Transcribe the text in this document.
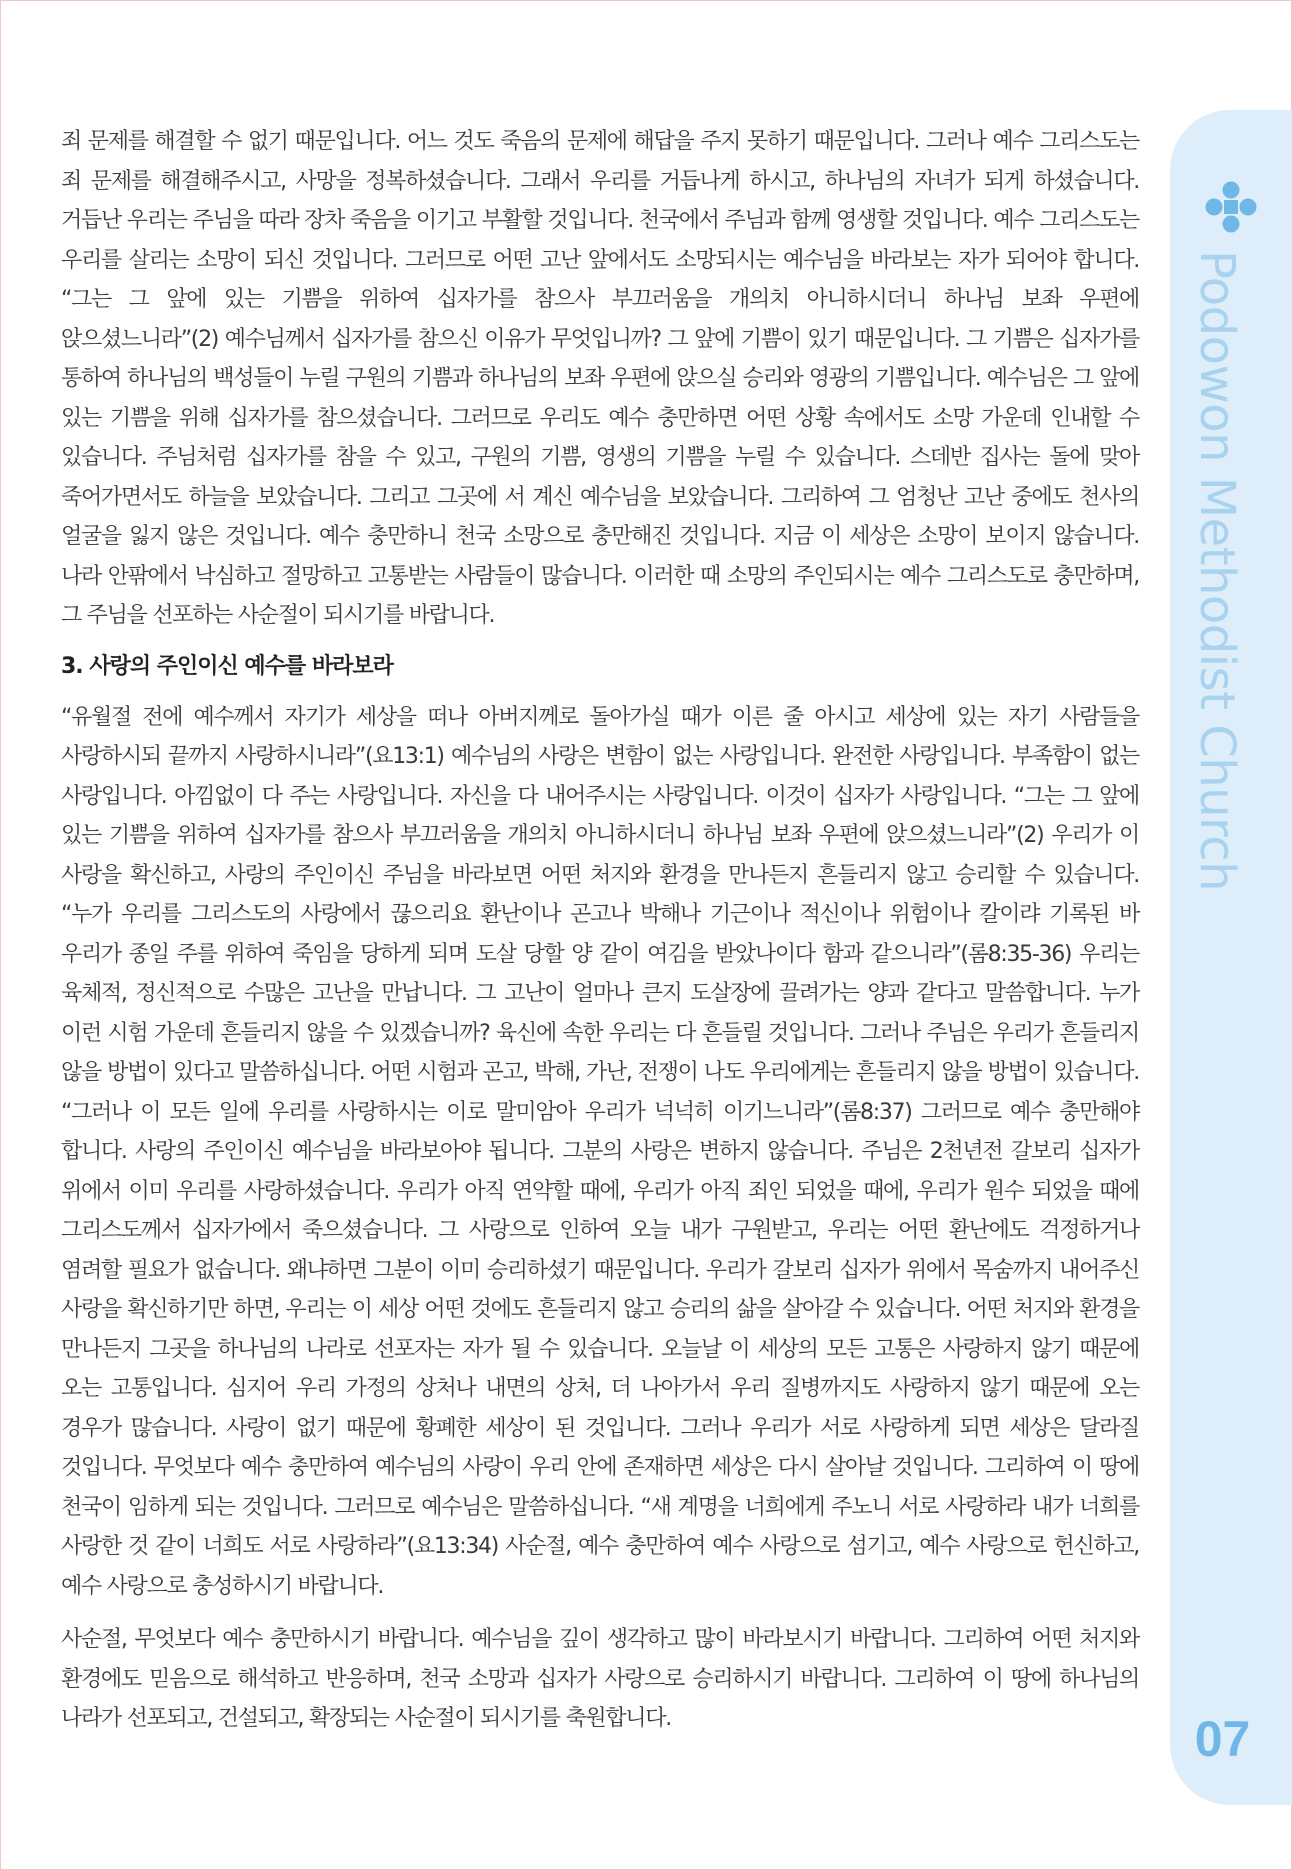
죄 문제를 해결할 수 없기 때문입니다. 어느 것도 죽음의 문제에 해답을 주지 못하기 때문입니다. 그러나 예수 그리스도는 죄 문제를 해결해주시고, 사망을 정복하셨습니다. 그래서 우리를 거듭나게 하시고, 하나님의 자녀가 되게 하셨습니다. 거듭난 우리는 주님을 따라 장차 죽음을 이기고 부활할 것입니다. 천국에서 주님과 함께 영생할 것입니다. 예수 그리스도는 우리를 살리는 소망이 되신 것입니다. 그러므로 어떤 고난 앞에서도 소망되시는 예수님을 바라보는 자가 되어야 합니다. “그는 그 앞에 있는 기쁨을 위하여 십자가를 참으사 부끄러움을 개의치 아니하시더니 하나님 보좌 우편에 앉으셨느니라”(2) 예수님께서 십자가를 참으신 이유가 무엇입니까? 그 앞에 기쁨이 있기 때문입니다. 그 기쁨은 십자가를 통하여 하나님의 백성들이 누릴 구원의 기쁨과 하나님의 보좌 우편에 앉으실 승리와 영광의 기쁨입니다. 예수님은 그 앞에 있는 기쁨을 위해 십자가를 참으셨습니다. 그러므로 우리도 예수 충만하면 어떤 상황 속에서도 소망 가운데 인내할 수 있습니다. 주님처럼 십자가를 참을 수 있고, 구원의 기쁨, 영생의 기쁨을 누릴 수 있습니다. 스데반 집사는 돌에 맞아 죽어가면서도 하늘을 보았습니다. 그리고 그곳에 서 계신 예수님을 보았습니다. 그리하여 그 엄청난 고난 중에도 천사의 얼굴을 잃지 않은 것입니다. 예수 충만하니 천국 소망으로 충만해진 것입니다. 지금 이 세상은 소망이 보이지 않습니다. 나라 안팎에서 낙심하고 절망하고 고통받는 사람들이 많습니다. 이러한 때 소망의 주인되시는 예수 그리스도로 충만하며, 그 주님을 선포하는 사순절이 되시기를 바랍니다.

3. 사랑의 주인이신 예수를 바라보라

“유월절 전에 예수께서 자기가 세상을 떠나 아버지께로 돌아가실 때가 이른 줄 아시고 세상에 있는 자기 사람들을 사랑하시되 끝까지 사랑하시니라”(요13:1) 예수님의 사랑은 변함이 없는 사랑입니다. 완전한 사랑입니다. 부족함이 없는 사랑입니다. 아낌없이 다 주는 사랑입니다. 자신을 다 내어주시는 사랑입니다. 이것이 십자가 사랑입니다. “그는 그 앞에 있는 기쁨을 위하여 십자가를 참으사 부끄러움을 개의치 아니하시더니 하나님 보좌 우편에 앉으셨느니라”(2) 우리가 이 사랑을 확신하고, 사랑의 주인이신 주님을 바라보면 어떤 처지와 환경을 만나든지 흔들리지 않고 승리할 수 있습니다. “누가 우리를 그리스도의 사랑에서 끊으리요 환난이나 곤고나 박해나 기근이나 적신이나 위험이나 칼이랴 기록된 바 우리가 종일 주를 위하여 죽임을 당하게 되며 도살 당할 양 같이 여김을 받았나이다 함과 같으니라”(롬8:35-36) 우리는 육체적, 정신적으로 수많은 고난을 만납니다. 그 고난이 얼마나 큰지 도살장에 끌려가는 양과 같다고 말씀합니다. 누가 이런 시험 가운데 흔들리지 않을 수 있겠습니까? 육신에 속한 우리는 다 흔들릴 것입니다. 그러나 주님은 우리가 흔들리지 않을 방법이 있다고 말씀하십니다. 어떤 시험과 곤고, 박해, 가난, 전쟁이 나도 우리에게는 흔들리지 않을 방법이 있습니다. “그러나 이 모든 일에 우리를 사랑하시는 이로 말미암아 우리가 넉넉히 이기느니라”(롬8:37) 그러므로 예수 충만해야 합니다. 사랑의 주인이신 예수님을 바라보아야 됩니다. 그분의 사랑은 변하지 않습니다. 주님은 2천년전 갈보리 십자가 위에서 이미 우리를 사랑하셨습니다. 우리가 아직 연약할 때에, 우리가 아직 죄인 되었을 때에, 우리가 원수 되었을 때에 그리스도께서 십자가에서 죽으셨습니다. 그 사랑으로 인하여 오늘 내가 구원받고, 우리는 어떤 환난에도 걱정하거나 염려할 필요가 없습니다. 왜냐하면 그분이 이미 승리하셨기 때문입니다. 우리가 갈보리 십자가 위에서 목숨까지 내어주신 사랑을 확신하기만 하면, 우리는 이 세상 어떤 것에도 흔들리지 않고 승리의 삶을 살아갈 수 있습니다. 어떤 처지와 환경을 만나든지 그곳을 하나님의 나라로 선포자는 자가 될 수 있습니다. 오늘날 이 세상의 모든 고통은 사랑하지 않기 때문에 오는 고통입니다. 심지어 우리 가정의 상처나 내면의 상처, 더 나아가서 우리 질병까지도 사랑하지 않기 때문에 오는 경우가 많습니다. 사랑이 없기 때문에 황폐한 세상이 된 것입니다. 그러나 우리가 서로 사랑하게 되면 세상은 달라질 것입니다. 무엇보다 예수 충만하여 예수님의 사랑이 우리 안에 존재하면 세상은 다시 살아날 것입니다. 그리하여 이 땅에 천국이 임하게 되는 것입니다. 그러므로 예수님은 말씀하십니다. “새 계명을 너희에게 주노니 서로 사랑하라 내가 너희를 사랑한 것 같이 너희도 서로 사랑하라”(요13:34) 사순절, 예수 충만하여 예수 사랑으로 섬기고, 예수 사랑으로 헌신하고, 예수 사랑으로 충성하시기 바랍니다.

사순절, 무엇보다 예수 충만하시기 바랍니다. 예수님을 깊이 생각하고 많이 바라보시기 바랍니다. 그리하여 어떤 처지와 환경에도 믿음으로 해석하고 반응하며, 천국 소망과 십자가 사랑으로 승리하시기 바랍니다. 그리하여 이 땅에 하나님의 나라가 선포되고, 건설되고, 확장되는 사순절이 되시기를 축원합니다.

Podowon Methodist Church
07
